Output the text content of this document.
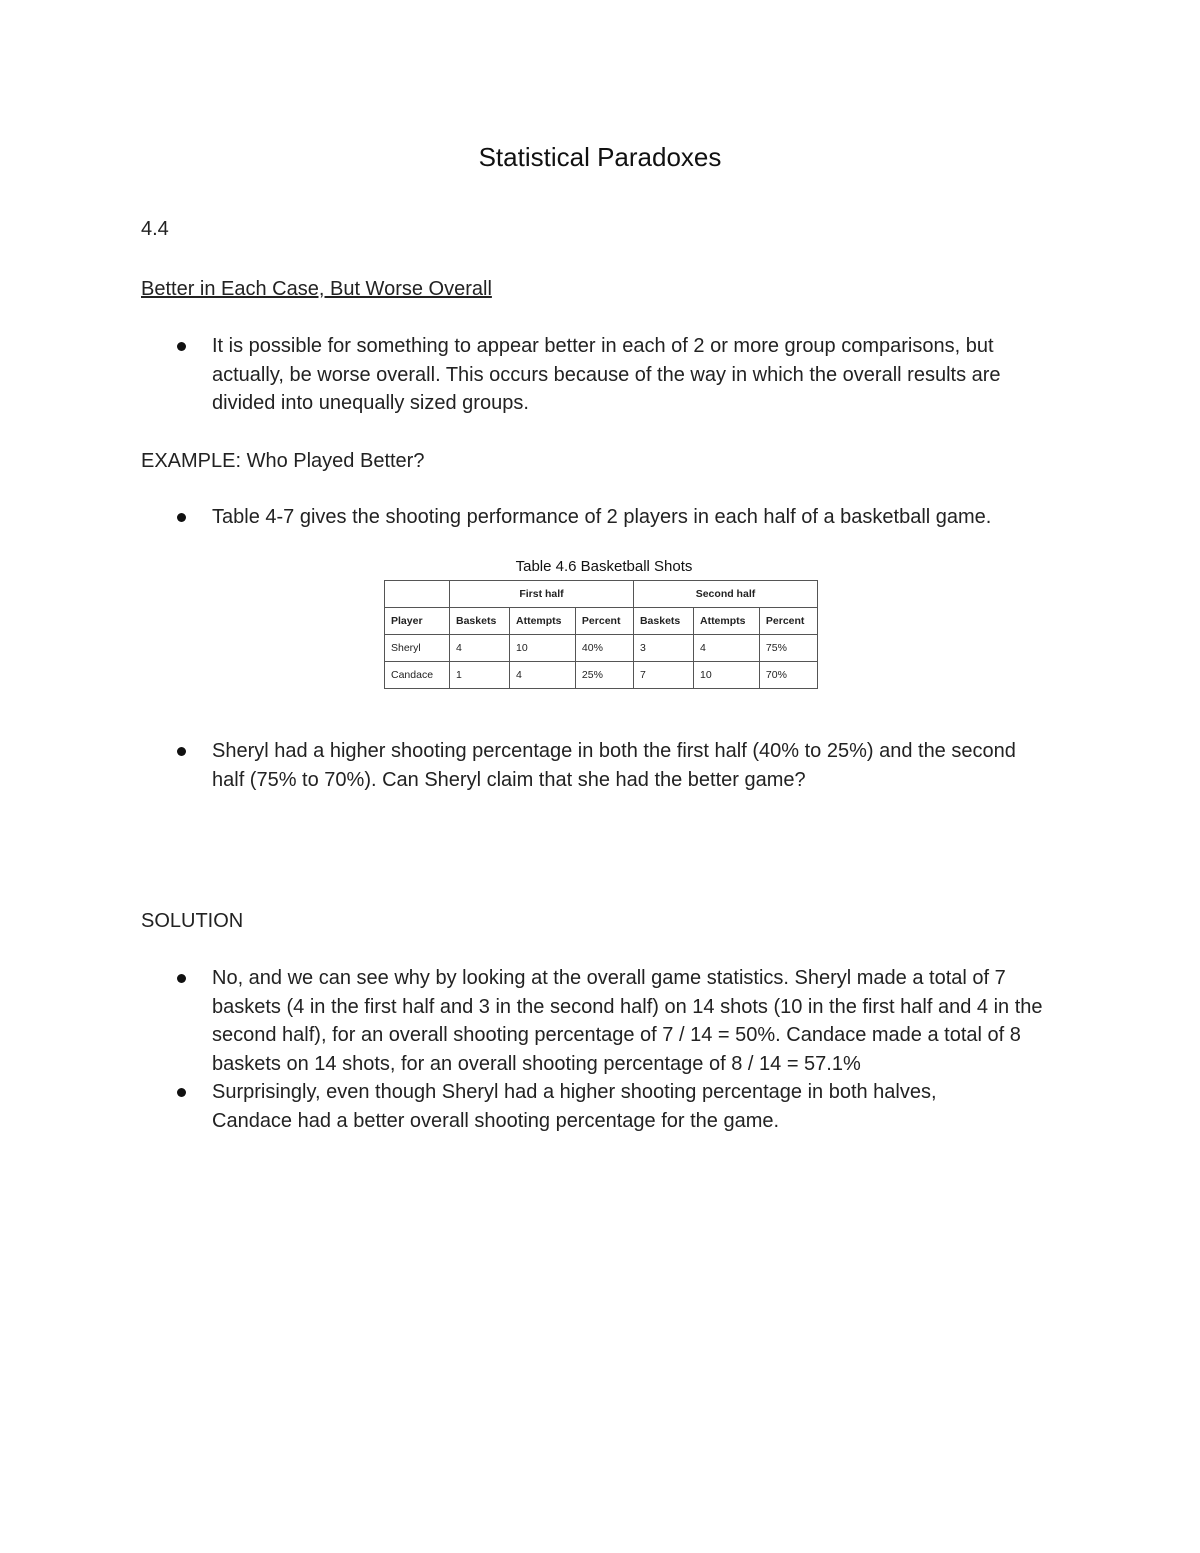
Statistical Paradoxes
4.4
Better in Each Case, But Worse Overall
It is possible for something to appear better in each of 2 or more group comparisons, but actually, be worse overall. This occurs because of the way in which the overall results are divided into unequally sized groups.
EXAMPLE: Who Played Better?
Table 4-7 gives the shooting performance of 2 players in each half of a basketball game.
Table 4.6 Basketball Shots
	First half			Second half		
Player	Baskets	Attempts	Percent	Baskets	Attempts	Percent
Sheryl	4	10	40%	3	4	75%
Candace	1	4	25%	7	10	70%
Sheryl had a higher shooting percentage in both the first half (40% to 25%) and the second half (75% to 70%). Can Sheryl claim that she had the better game?
SOLUTION
No, and we can see why by looking at the overall game statistics. Sheryl made a total of 7 baskets (4 in the first half and 3 in the second half) on 14 shots (10 in the first half and 4 in the second half), for an overall shooting percentage of 7 / 14 = 50%. Candace made a total of 8 baskets on 14 shots, for an overall shooting percentage of 8 / 14 = 57.1%
Surprisingly, even though Sheryl had a higher shooting percentage in both halves, Candace had a better overall shooting percentage for the game.
